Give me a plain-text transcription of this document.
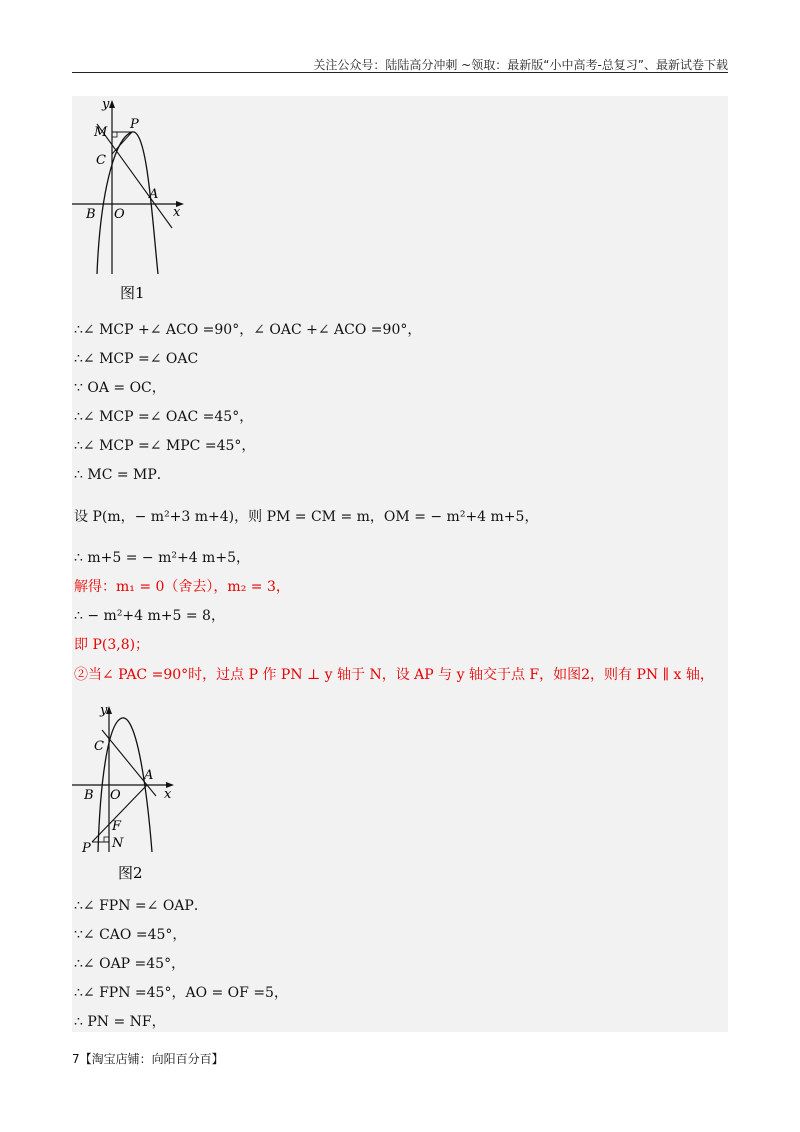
关注公众号：陆陆高分冲刺 ~领取：最新版“小中高考-总复习”、最新试卷下载
y
x
M
P
C
A
B O
图1
∴∠ MCP +∠ ACO =90°，∠ OAC +∠ ACO =90°，
∴∠ MCP =∠ OAC
∵ OA = OC，
∴∠ MCP =∠ OAC =45°，
∴∠ MCP =∠ MPC =45°，
∴ MC = MP．
设 P(m，− m²+3 m+4)，则 PM = CM = m，OM = − m²+4 m+5，
∴ m+5 = − m²+4 m+5，
解得：m₁ = 0（舍去），m₂ = 3，
∴ − m²+4 m+5 = 8，
即 P(3,8)；
②当∠ PAC =90°时，过点 P 作 PN ⊥ y 轴于 N，设 AP 与 y 轴交于点 F，如图2，则有 PN ∥ x 轴，
y
x
C
A
B O
F
N
P
图2
∴∠ FPN =∠ OAP．
∵∠ CAO =45°，
∴∠ OAP =45°，
∴∠ FPN =45°，AO = OF =5，
∴ PN = NF，
7【淘宝店铺：向阳百分百】
